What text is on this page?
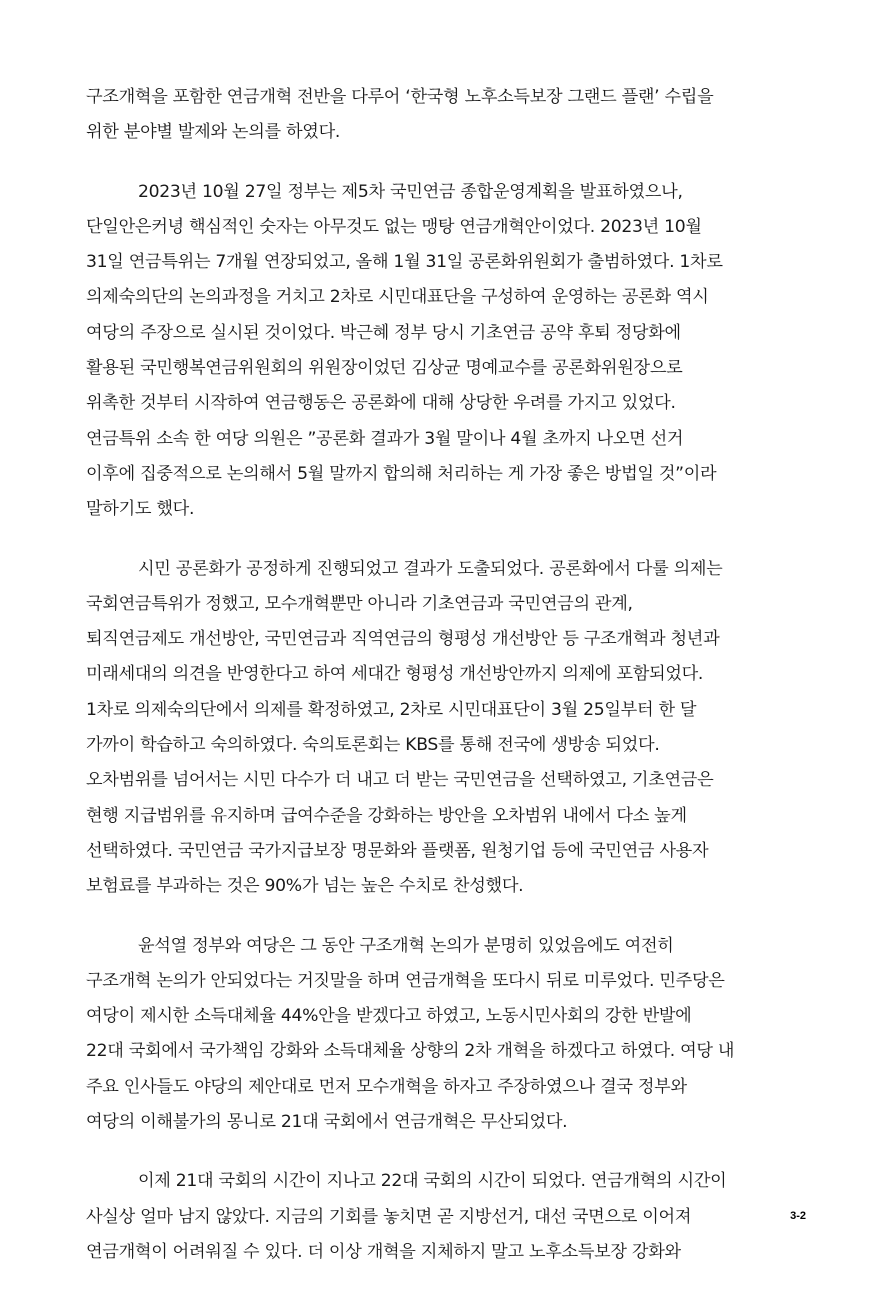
구조개혁을 포함한 연금개혁 전반을 다루어 ‘한국형 노후소득보장 그랜드 플랜’ 수립을
위한 분야별 발제와 논의를 하였다.
2023년 10월 27일 정부는 제5차 국민연금 종합운영계획을 발표하였으나,
단일안은커녕 핵심적인 숫자는 아무것도 없는 맹탕 연금개혁안이었다. 2023년 10월
31일 연금특위는 7개월 연장되었고, 올해 1월 31일 공론화위원회가 출범하였다. 1차로
의제숙의단의 논의과정을 거치고 2차로 시민대표단을 구성하여 운영하는 공론화 역시
여당의 주장으로 실시된 것이었다. 박근혜 정부 당시 기초연금 공약 후퇴 정당화에
활용된 국민행복연금위원회의 위원장이었던 김상균 명예교수를 공론화위원장으로
위촉한 것부터 시작하여 연금행동은 공론화에 대해 상당한 우려를 가지고 있었다.
연금특위 소속 한 여당 의원은 ”공론화 결과가 3월 말이나 4월 초까지 나오면 선거
이후에 집중적으로 논의해서 5월 말까지 합의해 처리하는 게 가장 좋은 방법일 것”이라
말하기도 했다.
시민 공론화가 공정하게 진행되었고 결과가 도출되었다. 공론화에서 다룰 의제는
국회연금특위가 정했고, 모수개혁뿐만 아니라 기초연금과 국민연금의 관계,
퇴직연금제도 개선방안, 국민연금과 직역연금의 형평성 개선방안 등 구조개혁과 청년과
미래세대의 의견을 반영한다고 하여 세대간 형평성 개선방안까지 의제에 포함되었다.
1차로 의제숙의단에서 의제를 확정하였고, 2차로 시민대표단이 3월 25일부터 한 달
가까이 학습하고 숙의하였다. 숙의토론회는 KBS를 통해 전국에 생방송 되었다.
오차범위를 넘어서는 시민 다수가 더 내고 더 받는 국민연금을 선택하였고, 기초연금은
현행 지급범위를 유지하며 급여수준을 강화하는 방안을 오차범위 내에서 다소 높게
선택하였다. 국민연금 국가지급보장 명문화와 플랫폼, 원청기업 등에 국민연금 사용자
보험료를 부과하는 것은 90%가 넘는 높은 수치로 찬성했다.
윤석열 정부와 여당은 그 동안 구조개혁 논의가 분명히 있었음에도 여전히
구조개혁 논의가 안되었다는 거짓말을 하며 연금개혁을 또다시 뒤로 미루었다. 민주당은
여당이 제시한 소득대체율 44%안을 받겠다고 하였고, 노동시민사회의 강한 반발에
22대 국회에서 국가책임 강화와 소득대체율 상향의 2차 개혁을 하겠다고 하였다. 여당 내
주요 인사들도 야당의 제안대로 먼저 모수개혁을 하자고 주장하였으나 결국 정부와
여당의 이해불가의 몽니로 21대 국회에서 연금개혁은 무산되었다.
이제 21대 국회의 시간이 지나고 22대 국회의 시간이 되었다. 연금개혁의 시간이
사실상 얼마 남지 않았다. 지금의 기회를 놓치면 곧 지방선거, 대선 국면으로 이어져
연금개혁이 어려워질 수 있다. 더 이상 개혁을 지체하지 말고 노후소득보장 강화와
3-2
